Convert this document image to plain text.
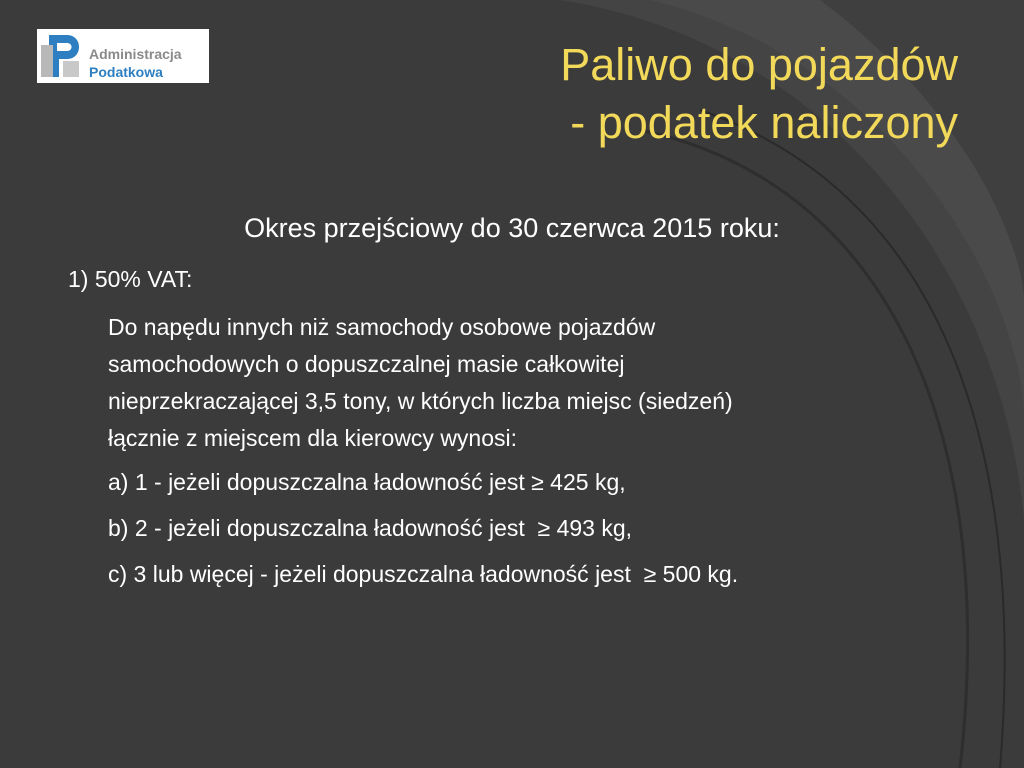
Administracja
Podatkowa	Paliwo do pojazdów
- podatek naliczony
Okres przejściowy do 30 czerwca 2015 roku:
1) 50% VAT:
Do napędu innych niż samochody osobowe pojazdów
samochodowych o dopuszczalnej masie całkowitej
nieprzekraczającej 3,5 tony, w których liczba miejsc (siedzeń)
łącznie z miejscem dla kierowcy wynosi:
a) 1 - jeżeli dopuszczalna ładowność jest ≥ 425 kg,
b) 2 - jeżeli dopuszczalna ładowność jest  ≥ 493 kg,
c) 3 lub więcej - jeżeli dopuszczalna ładowność jest  ≥ 500 kg.
